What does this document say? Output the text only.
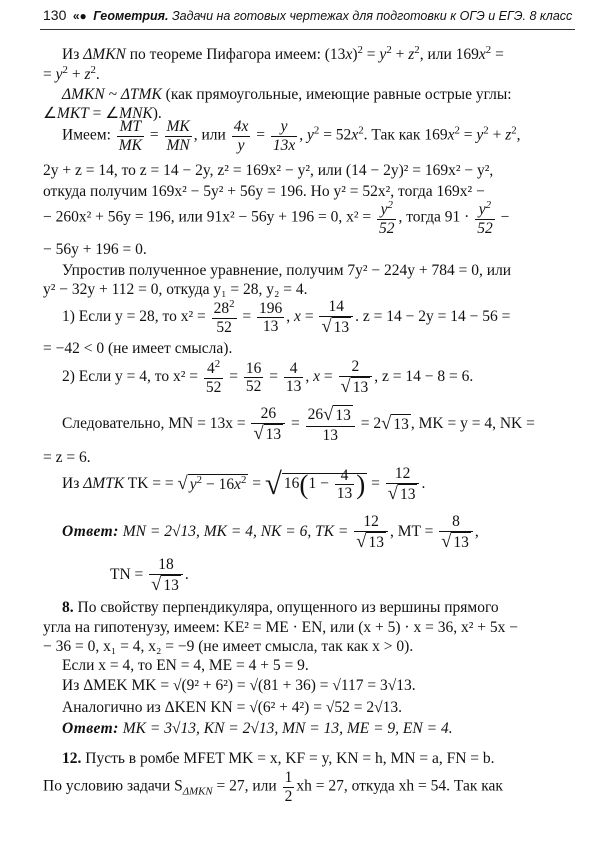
130 «● Геометрия. Задачи на готовых чертежах для подготовки к ОГЭ и ЕГЭ. 8 класс
Из ΔMKN по теореме Пифагора имеем: $(13x)^2 = y^2 + z^2$, или $169x^2$ =
= $y^2 + z^2$.
ΔMKN ~ ΔTMK (как прямоугольные, имеющие равные острые углы:
∠MKT = ∠MNK).
Имеем: $\frac{MT}{MK} = \frac{MK}{MN}$ , или $\frac{4x}{y} = \frac{y}{13x}$ , $y^2 = 52x^2$. Так как $169x^2 = y^2 + z^2$,
2y + z = 14, то z = 14 − 2y, z² = 169x² − y², или (14 − 2y)² = 169x² − y²,
откуда получим 169x² − 5y² + 56y = 196. Но y² = 52x², тогда 169x² −
− 260x² + 56y = 196, или 91x² − 56y + 196 = 0, $x^2 = \frac{y^2}{52}$ , тогда $91 \cdot \frac{y^2}{52}$ −
− 56y + 196 = 0.
Упростив полученное уравнение, получим 7y² − 224y + 784 = 0, или
y² − 32y + 112 = 0, откуда y₁ = 28, y₂ = 4.
1) Если y = 28, то $x^2 = \frac{28^2}{52} = \frac{196}{13}$ , $x = \frac{14}{√ 13}$ . z = 14 − 2y = 14 − 56 =
= −42 < 0 (не имеет смысла).
2) Если y = 4, то $x^2 = \frac{4^2}{52} = \frac{16}{52} = \frac{4}{13}$ , $x = \frac{2}{√ 13}$ , z = 14 − 8 = 6.
Следовательно, MN = $13x = \frac{26}{√ 13} = \frac{26√ 13}{13} = 2√$ 13 , MK = y = 4, NK =
= z = 6.
Из ΔMTK TK = = √ $y^2 - 16x^2$ = √ $16(1 - \frac{4}{13}$ ) = $\frac{12}{√ 13}$ .
Ответ: MN = 2√13, MK = 4, NK = 6, TK = $\frac{12}{√ 13}$ , MT = $\frac{8}{√ 13}$ ,
TN = $\frac{18}{√ 13}$ .
8. По свойству перпендикуляра, опущенного из вершины прямого
угла на гипотенузу, имеем: KE² = ME · EN, или (x + 5) · x = 36, x² + 5x −
− 36 = 0, x₁ = 4, x₂ = −9 (не имеет смысла, так как x > 0).
Если x = 4, то EN = 4, ME = 4 + 5 = 9.
Из ΔMEK MK = √(9² + 6²) = √(81 + 36) = √117 = 3√13.
Аналогично из ΔKEN KN = √(6² + 4²) = √52 = 2√13.
Ответ: MK = 3√13, KN = 2√13, MN = 13, ME = 9, EN = 4.
12. Пусть в ромбе MFET MK = x, KF = y, KN = h, MN = a, FN = b.
По условию задачи $S_{\Delta MKN} = 27$, или $\frac{1}{2}$ xh = 27, откуда xh = 54. Так как
